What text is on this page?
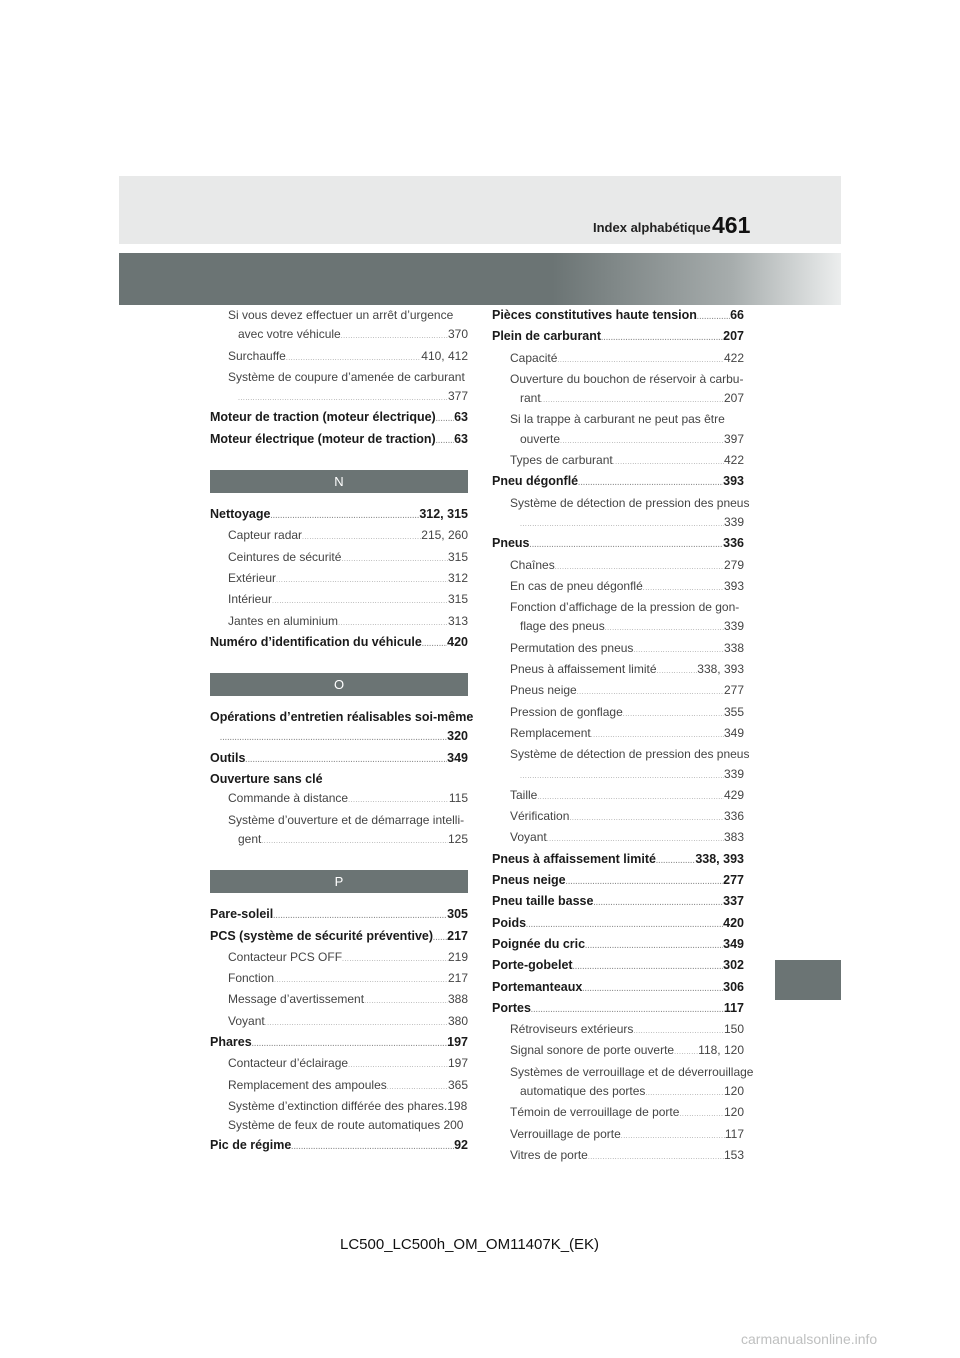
461
Index alphabétique
Si vous devez effectuer un arrêt d’urgence
avec votre véhicule .....	370
Surchauffe .....	410, 412
Système de coupure d’amenée de carburant
.....
377
Moteur de traction (moteur électrique) ..... 63
Moteur électrique (moteur de traction) ..... 63
N
Nettoyage .....	312, 315
Capteur radar .....	215, 260
Ceintures de sécurité .....	315
Extérieur .....	312
Intérieur .....	315
Jantes en aluminium .....	313
Numéro d’identification du véhicule ..... 420
O
Opérations d’entretien réalisables soi-même
.....
320
Outils .....	349
Ouverture sans clé
Commande à distance .....	115
Système d’ouverture et de démarrage intelli-
gent .....	125
P
Pare-soleil .....	305
PCS (système de sécurité préventive) ..... 217
Contacteur PCS OFF .....	219
Fonction .....	217
Message d’avertissement .....	388
Voyant .....	380
Phares .....	197
Contacteur d’éclairage .....	197
Remplacement des ampoules .....	365
Système d’extinction différée des phares.198
Système de feux de route automatiques 200
Pic de régime .....	92
Pièces constitutives haute tension .....	66
Plein de carburant .....	207
Capacité .....	422
Ouverture du bouchon de réservoir à carbu-
rant .....	207
Si la trappe à carburant ne peut pas être
ouverte .....	397
Types de carburant .....	422
Pneu dégonflé .....	393
Système de détection de pression des pneus
.....
339
Pneus .....	336
Chaînes .....	279
En cas de pneu dégonflé .....	393
Fonction d’affichage de la pression de gon-
flage des pneus .....	339
Permutation des pneus .....	338
Pneus à affaissement limité .....	338, 393
Pneus neige .....	277
Pression de gonflage .....	355
Remplacement .....	349
Système de détection de pression des pneus
.....
339
Taille .....	429
Vérification .....	336
Voyant .....	383
Pneus à affaissement limité .....	338, 393
Pneus neige .....	277
Pneu taille basse .....	337
Poids .....	420
Poignée du cric .....	349
Porte-gobelet .....	302
Portemanteaux .....	306
Portes .....	117
Rétroviseurs extérieurs .....	150
Signal sonore de porte ouverte ..... 118, 120
Systèmes de verrouillage et de déverrouillage
automatique des portes .....	120
Témoin de verrouillage de porte .....	120
Verrouillage de porte .....	117
Vitres de porte .....	153
LC500_LC500h_OM_OM11407K_(EK)
carmanualsonline.info
